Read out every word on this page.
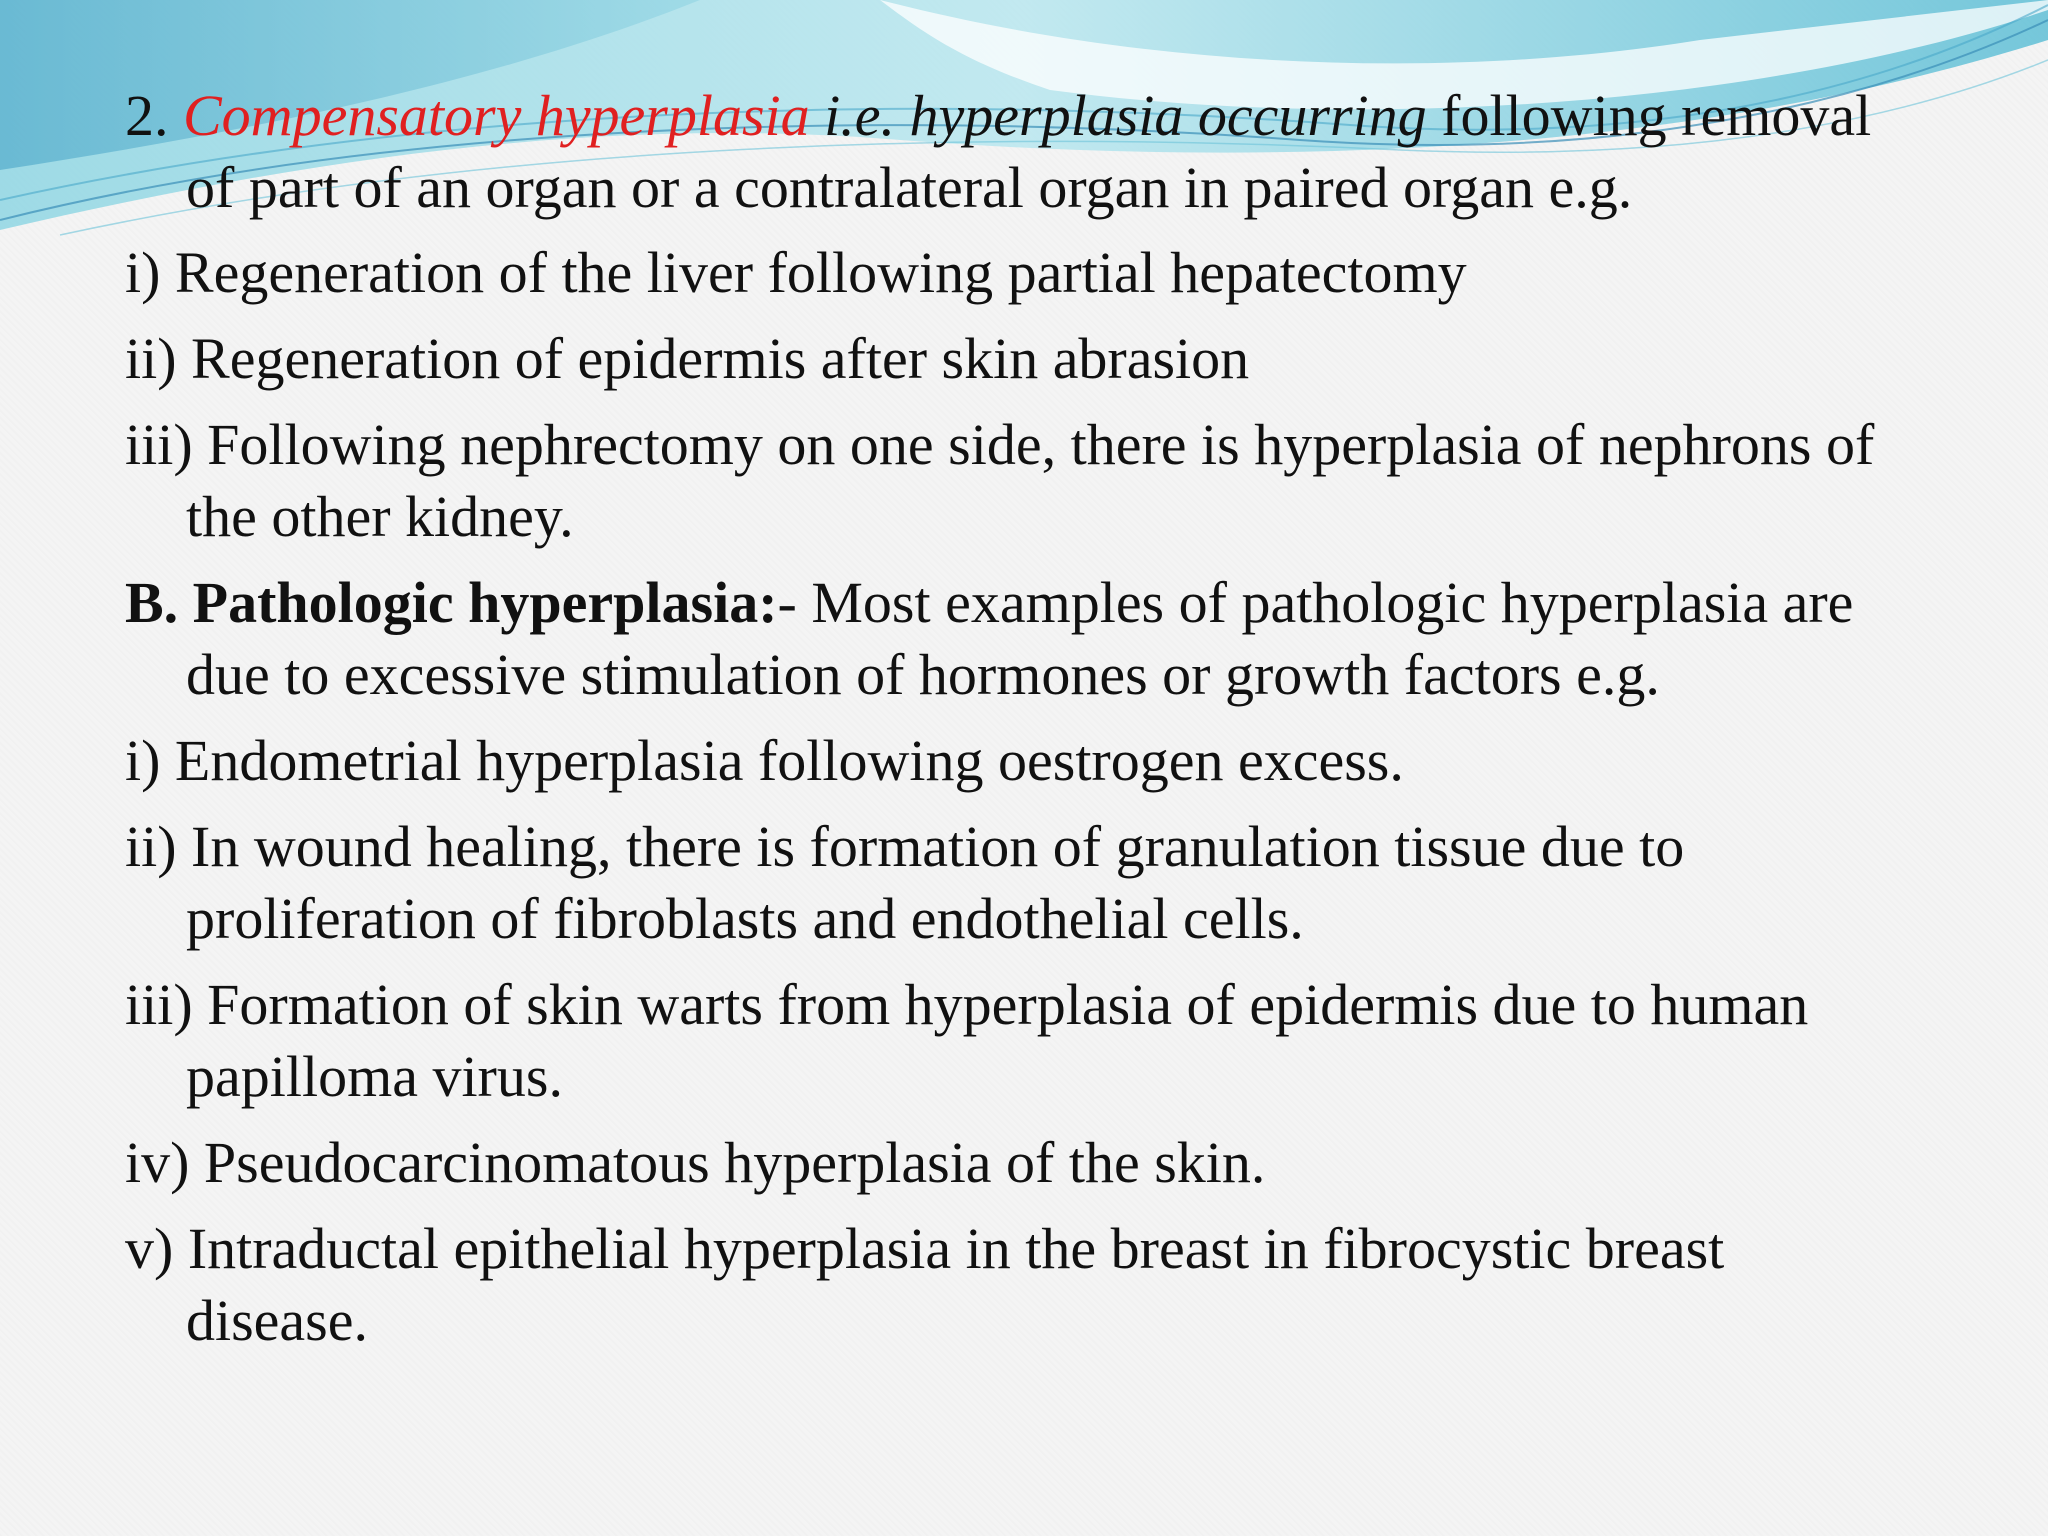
2. Compensatory hyperplasia i.e. hyperplasia occurring following removal of part of an organ or a contralateral organ in paired organ e.g.

i) Regeneration of the liver following partial hepatectomy

ii) Regeneration of epidermis after skin abrasion

iii) Following nephrectomy on one side, there is hyperplasia of nephrons of the other kidney.

B. Pathologic hyperplasia:- Most examples of pathologic hyperplasia are due to excessive stimulation of hormones or growth factors e.g.

i) Endometrial hyperplasia following oestrogen excess.

ii) In wound healing, there is formation of granulation tissue due to proliferation of fibroblasts and endothelial cells.

iii) Formation of skin warts from hyperplasia of epidermis due to human papilloma virus.

iv) Pseudocarcinomatous hyperplasia of the skin.

v) Intraductal epithelial hyperplasia in the breast in fibrocystic breast disease.
